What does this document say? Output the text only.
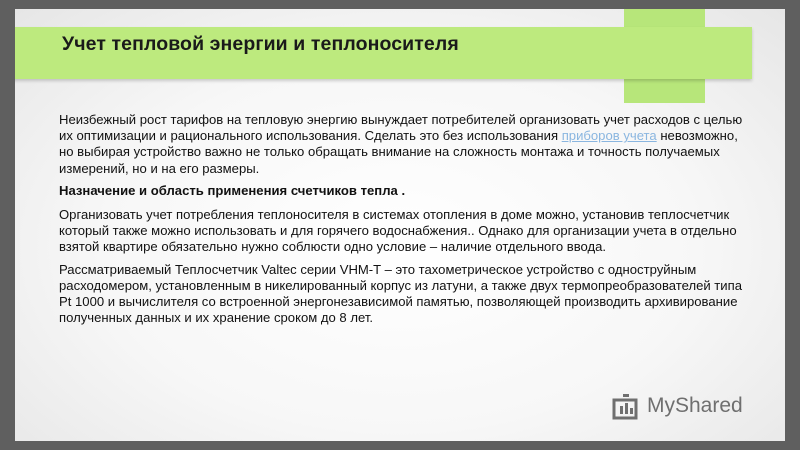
Учет тепловой энергии и теплоносителя

Неизбежный рост тарифов на тепловую энергию вынуждает потребителей организовать учет расходов с целью их оптимизации и рационального использования. Сделать это без использования приборов учета невозможно, но выбирая устройство важно не только обращать внимание на сложность монтажа и точность получаемых измерений, но и на его размеры.

Назначение и область применения счетчиков тепла .

Организовать учет потребления теплоносителя в системах отопления в доме можно, установив теплосчетчик который также можно использовать и для горячего водоснабжения.. Однако для организации учета в отдельно взятой квартире обязательно нужно соблюсти одно условие – наличие отдельного ввода.

Рассматриваемый Теплосчетчик Valtec серии VHM-T – это тахометрическое устройство с одноструйным расходомером, установленным в никелированный корпус из латуни, а также двух термопреобразователей типа Pt 1000 и вычислителя со встроенной энергонезависимой памятью, позволяющей производить архивирование полученных данных и их хранение сроком до 8 лет.

MyShared
